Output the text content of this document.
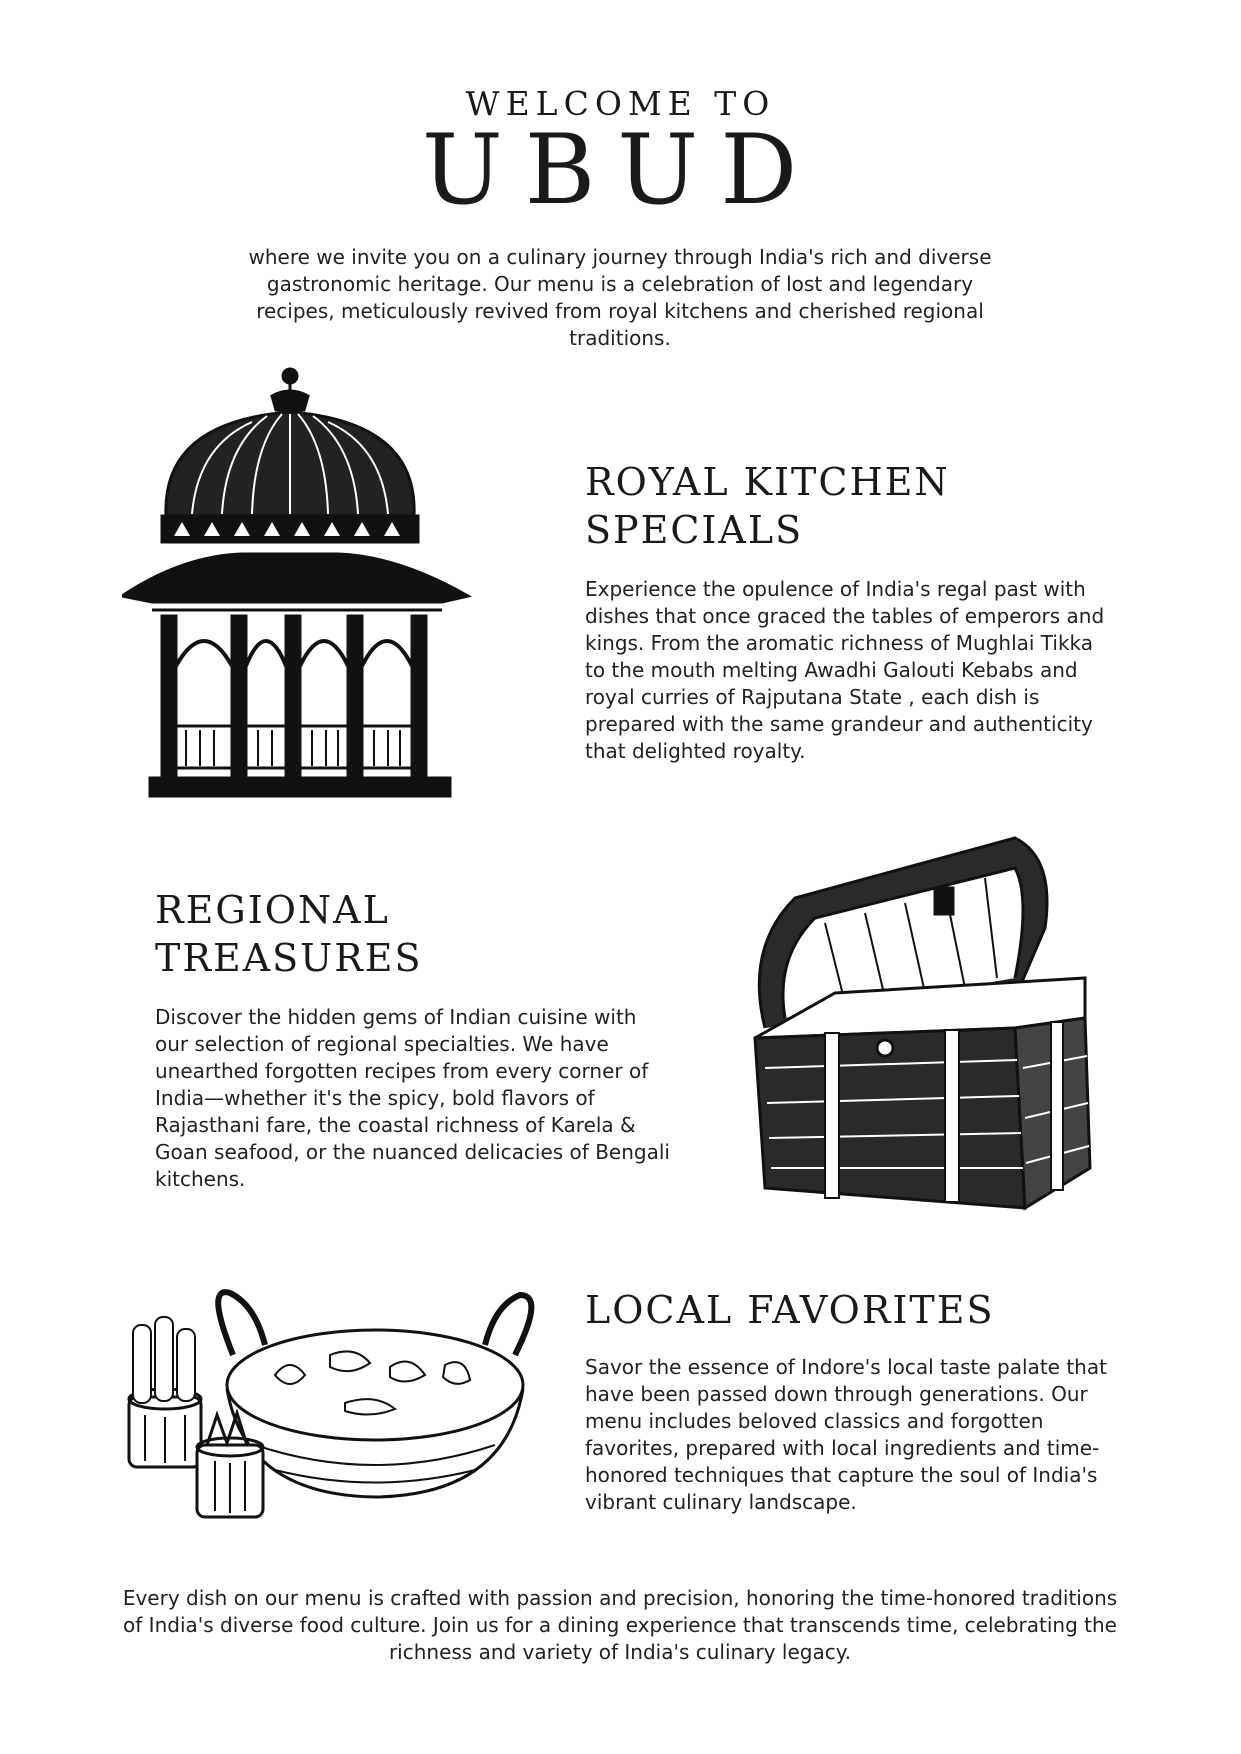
WELCOME TO
UBUD
where we invite you on a culinary journey through India's rich and diverse gastronomic heritage. Our menu is a celebration of lost and legendary recipes, meticulously revived from royal kitchens and cherished regional traditions.
ROYAL KITCHEN SPECIALS
Experience the opulence of India's regal past with dishes that once graced the tables of emperors and kings. From the aromatic richness of Mughlai Tikka to the mouth melting Awadhi Galouti Kebabs and royal curries of Rajputana State , each dish is prepared with the same grandeur and authenticity that delighted royalty.
REGIONAL TREASURES
Discover the hidden gems of Indian cuisine with our selection of regional specialties. We have unearthed forgotten recipes from every corner of India—whether it's the spicy, bold flavors of Rajasthani fare, the coastal richness of Karela & Goan seafood, or the nuanced delicacies of Bengali kitchens.
LOCAL FAVORITES
Savor the essence of Indore's local taste palate that have been passed down through generations. Our menu includes beloved classics and forgotten favorites, prepared with local ingredients and time-honored techniques that capture the soul of India's vibrant culinary landscape.
Every dish on our menu is crafted with passion and precision, honoring the time-honored traditions of India's diverse food culture. Join us for a dining experience that transcends time, celebrating the richness and variety of India's culinary legacy.
